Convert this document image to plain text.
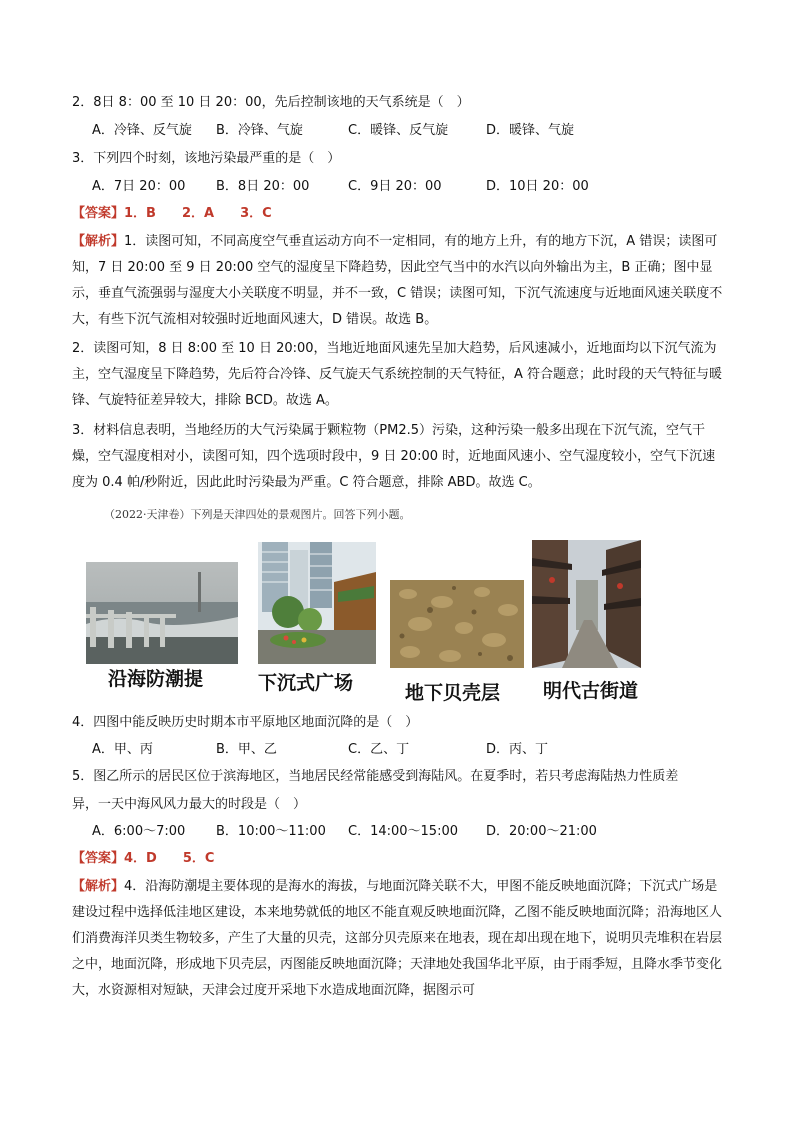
2．8日 8：00 至 10 日 20：00，先后控制该地的天气系统是（　）
A．冷锋、反气旋 B．冷锋、气旋	C．暖锋、反气旋	D．暖锋、气旋
3．下列四个时刻，该地污染最严重的是（　）
A．7日 20：00 B．8日 20：00	C．9日 20：00	D．10日 20：00
【答案】1．B　　2．A　　3．C
【解析】1．读图可知，不同高度空气垂直运动方向不一定相同，有的地方上升，有的地方下沉，A 错误；读图可知，7 日 20:00 至 9 日 20:00 空气的湿度呈下降趋势，因此空气当中的水汽以向外输出为主，B 正确；图中显示，垂直气流强弱与湿度大小关联度不明显，并不一致，C 错误；读图可知，下沉气流速度与近地面风速关联度不大，有些下沉气流相对较强时近地面风速大，D 错误。故选 B。
2．读图可知，8 日 8:00 至 10 日 20:00，当地近地面风速先呈加大趋势，后风速减小，近地面均以下沉气流为主，空气湿度呈下降趋势，先后符合冷锋、反气旋天气系统控制的天气特征，A 符合题意；此时段的天气特征与暖锋、气旋特征差异较大，排除 BCD。故选 A。
3．材料信息表明，当地经历的大气污染属于颗粒物（PM2.5）污染，这种污染一般多出现在下沉气流，空气干燥，空气湿度相对小，读图可知，四个选项时段中，9 日 20:00 时，近地面风速小、空气湿度较小，空气下沉速度为 0.4 帕/秒附近，因此此时污染最为严重。C 符合题意，排除 ABD。故选 C。
（2022·天津卷）下列是天津四处的景观图片。回答下列小题。
沿海防潮提	下沉式广场	地下贝壳层 明代古街道
4．四图中能反映历史时期本市平原地区地面沉降的是（　）
A．甲、丙	B．甲、乙	C．乙、丁	D．丙、丁
5．图乙所示的居民区位于滨海地区，当地居民经常能感受到海陆风。在夏季时，若只考虑海陆热力性质差
异，一天中海风风力最大的时段是（　）
A．6:00～7:00 B．10:00～11:00 C．14:00～15:00 D．20:00～21:00
【答案】4．D　　5．C
【解析】4．沿海防潮堤主要体现的是海水的海拔，与地面沉降关联不大，甲图不能反映地面沉降；下沉式广场是建设过程中选择低洼地区建设，本来地势就低的地区不能直观反映地面沉降，乙图不能反映地面沉降；沿海地区人们消费海洋贝类生物较多，产生了大量的贝壳，这部分贝壳原来在地表，现在却出现在地下，说明贝壳堆积在岩层之中，地面沉降，形成地下贝壳层，丙图能反映地面沉降；天津地处我国华北平原，由于雨季短，且降水季节变化大，水资源相对短缺，天津会过度开采地下水造成地面沉降，据图示可
